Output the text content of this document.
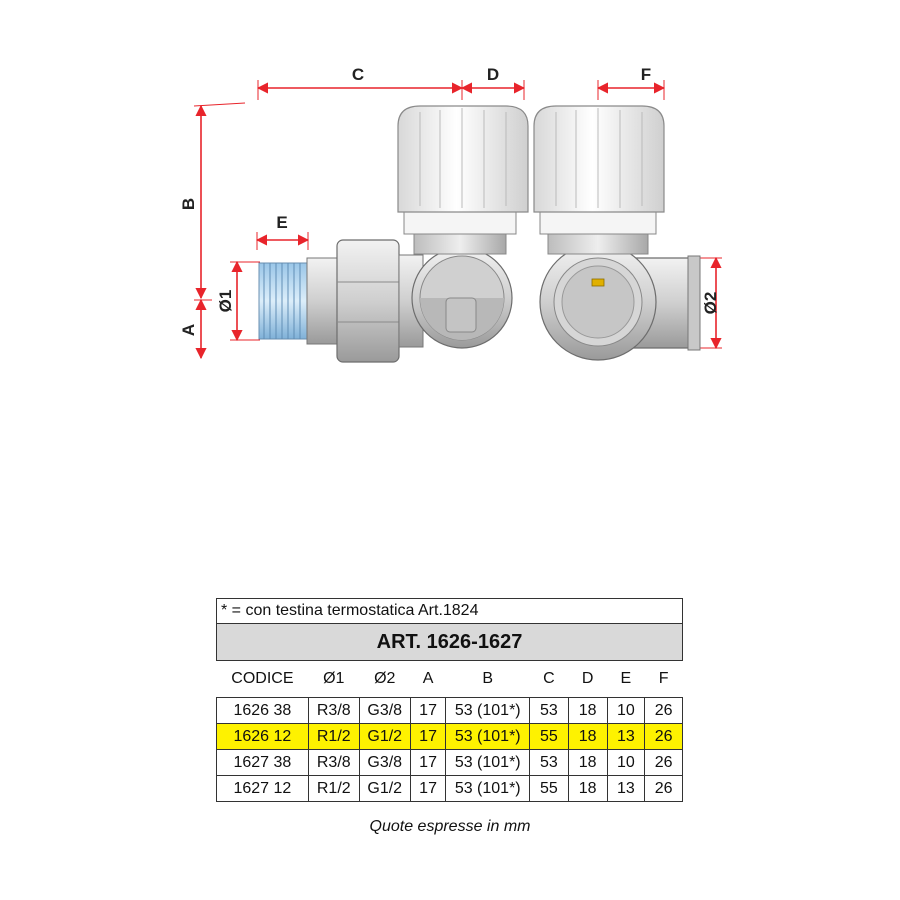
C	D	F
E
B
A
Ø1	Ø2
* = con testina termostatica Art.1824								
ART. 1626-1627								
CODICE	Ø1	Ø2	A	B	C	D	E	F
1626 38	R3/8	G3/8	17	53 (101*)	53	18	10	26
1626 12	R1/2	G1/2	17	53 (101*)	55	18	13	26
1627 38	R3/8	G3/8	17	53 (101*)	53	18	10	26
1627 12	R1/2	G1/2	17	53 (101*)	55	18	13	26
Quote espresse in mm
